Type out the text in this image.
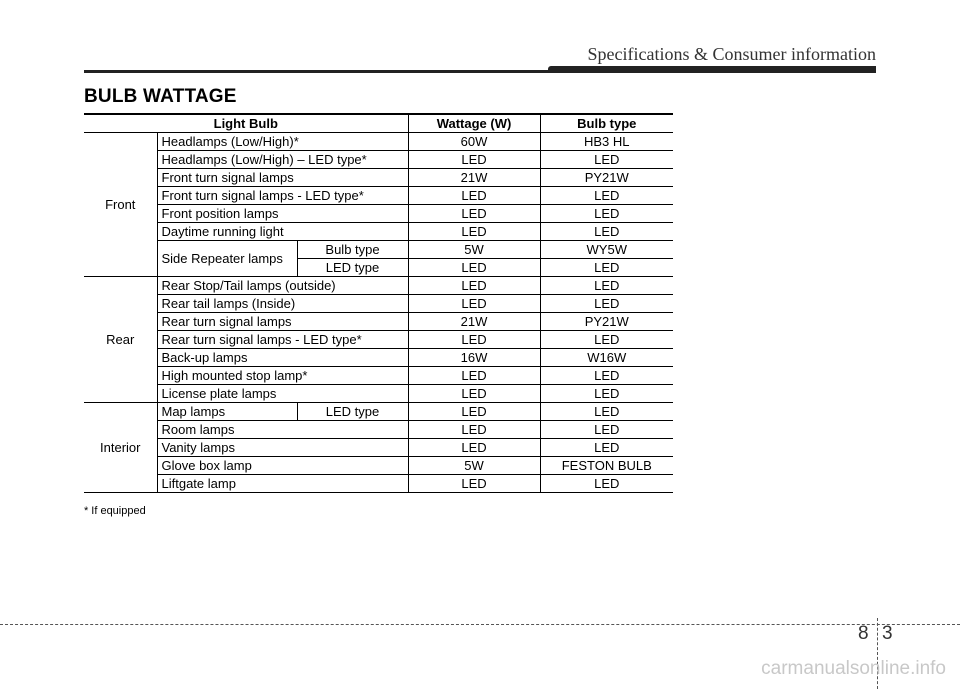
Specifications & Consumer information
BULB WATTAGE
Light Bulb			Wattage (W)	Bulb type
Front	Headlamps (Low/High)*		60W	HB3 HL
	Headlamps (Low/High) – LED type*		LED	LED
	Front turn signal lamps		21W	PY21W
	Front turn signal lamps - LED type*		LED	LED
	Front position lamps		LED	LED
	Daytime running light		LED	LED
	Side Repeater lamps	Bulb type	5W	WY5W
		LED type	LED	LED
Rear	Rear Stop/Tail lamps (outside)		LED	LED
	Rear tail lamps (Inside)		LED	LED
	Rear turn signal lamps		21W	PY21W
	Rear turn signal lamps - LED type*		LED	LED
	Back-up lamps		16W	W16W
	High mounted stop lamp*		LED	LED
	License plate lamps		LED	LED
Interior	Map lamps	LED type	LED	LED
	Room lamps		LED	LED
	Vanity lamps		LED	LED
	Glove box lamp		5W	FESTON BULB
	Liftgate lamp		LED	LED
* If equipped
8 3
carmanualsonline.info
